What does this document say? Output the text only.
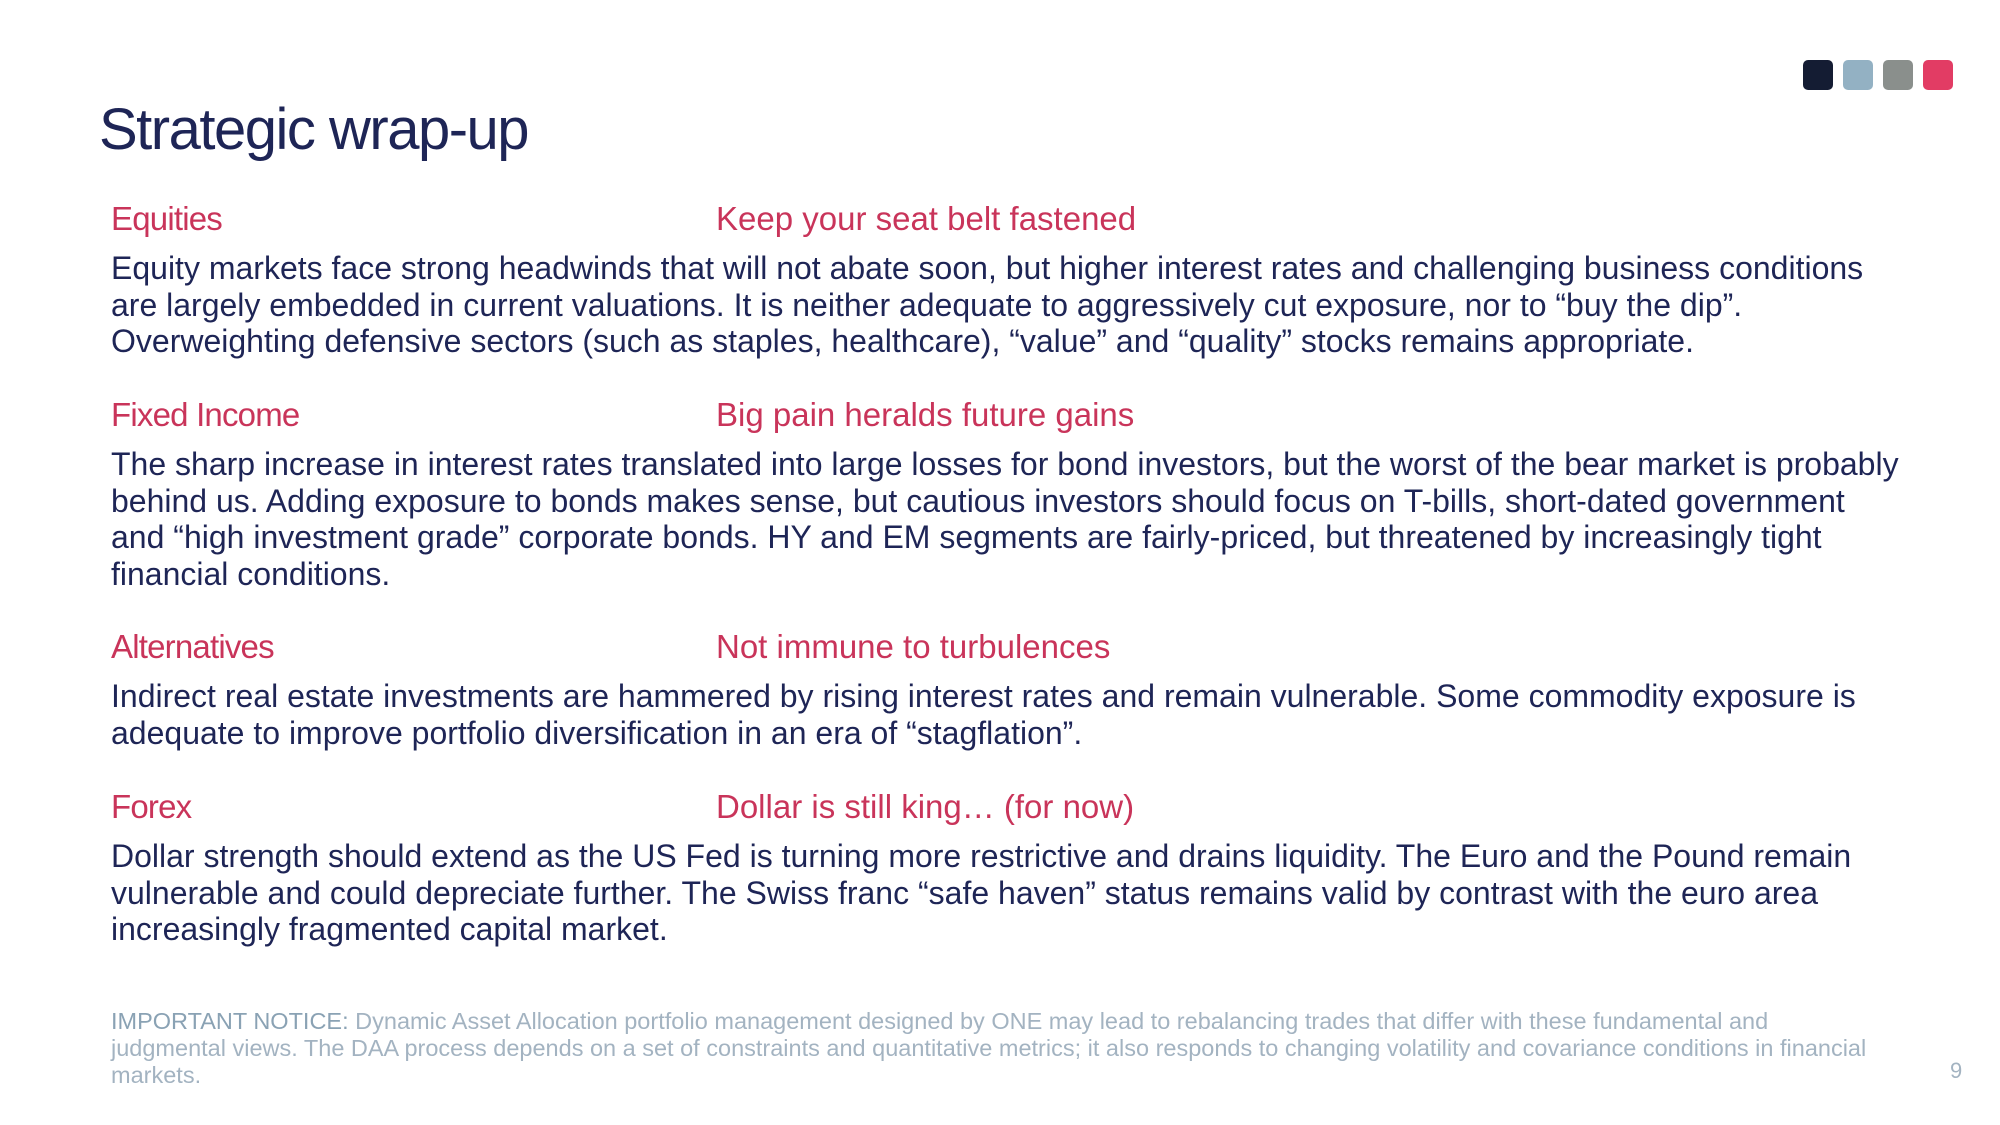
Strategic wrap-up
Equities	Keep your seat belt fastened

Equity markets face strong headwinds that will not abate soon, but higher interest rates and challenging business conditions are largely embedded in current valuations. It is neither adequate to aggressively cut exposure, nor to “buy the dip”. Overweighting defensive sectors (such as staples, healthcare), “value” and “quality” stocks remains appropriate.

Fixed Income	Big pain heralds future gains

The sharp increase in interest rates translated into large losses for bond investors, but the worst of the bear market is probably behind us. Adding exposure to bonds makes sense, but cautious investors should focus on T-bills, short-dated government and “high investment grade” corporate bonds. HY and EM segments are fairly-priced, but threatened by increasingly tight financial conditions.

Alternatives	Not immune to turbulences

Indirect real estate investments are hammered by rising interest rates and remain vulnerable. Some commodity exposure is adequate to improve portfolio diversification in an era of “stagflation”.

Forex	Dollar is still king… (for now)

Dollar strength should extend as the US Fed is turning more restrictive and drains liquidity. The Euro and the Pound remain vulnerable and could depreciate further. The Swiss franc “safe haven” status remains valid by contrast with the euro area increasingly fragmented capital market.

IMPORTANT NOTICE: Dynamic Asset Allocation portfolio management designed by ONE may lead to rebalancing trades that differ with these fundamental and judgmental views. The DAA process depends on a set of constraints and quantitative metrics; it also responds to changing volatility and covariance conditions in financial markets.	9
